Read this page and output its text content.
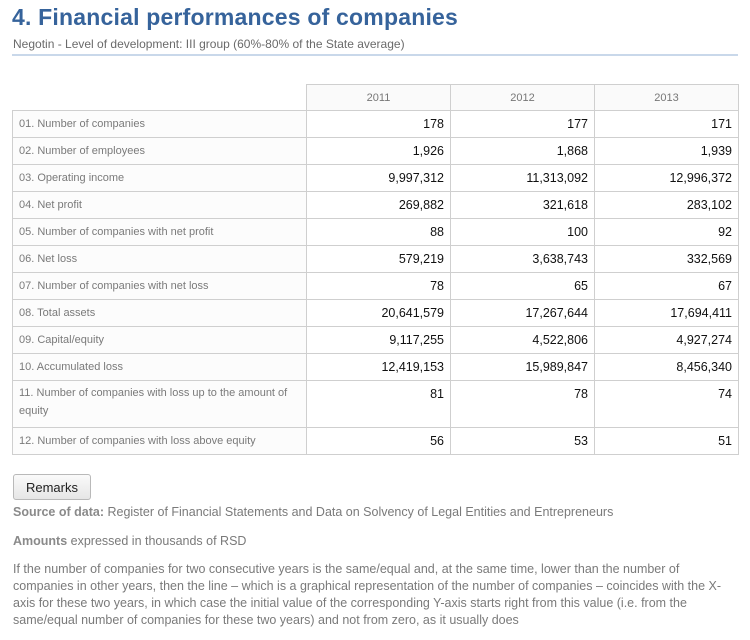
4. Financial performances of companies
Negotin - Level of development: III group (60%-80% of the State average)
	2011	2012	2013
01. Number of companies	178	177	171
02. Number of employees	1,926	1,868	1,939
03. Operating income	9,997,312	11,313,092	12,996,372
04. Net profit	269,882	321,618	283,102
05. Number of companies with net profit	88	100	92
06. Net loss	579,219	3,638,743	332,569
07. Number of companies with net loss	78	65	67
08. Total assets	20,641,579	17,267,644	17,694,411
09. Capital/equity	9,117,255	4,522,806	4,927,274
10. Accumulated loss	12,419,153	15,989,847	8,456,340
11. Number of companies with loss up to the amount of equity	81	78	74
12. Number of companies with loss above equity	56	53	51
Remarks
Source of data: Register of Financial Statements and Data on Solvency of Legal Entities and Entrepreneurs
Amounts expressed in thousands of RSD
If the number of companies for two consecutive years is the same/equal and, at the same time, lower than the number of companies in other years, then the line – which is a graphical representation of the number of companies – coincides with the X-axis for these two years, in which case the initial value of the corresponding Y-axis starts right from this value (i.e. from the same/equal number of companies for these two years) and not from zero, as it usually does
